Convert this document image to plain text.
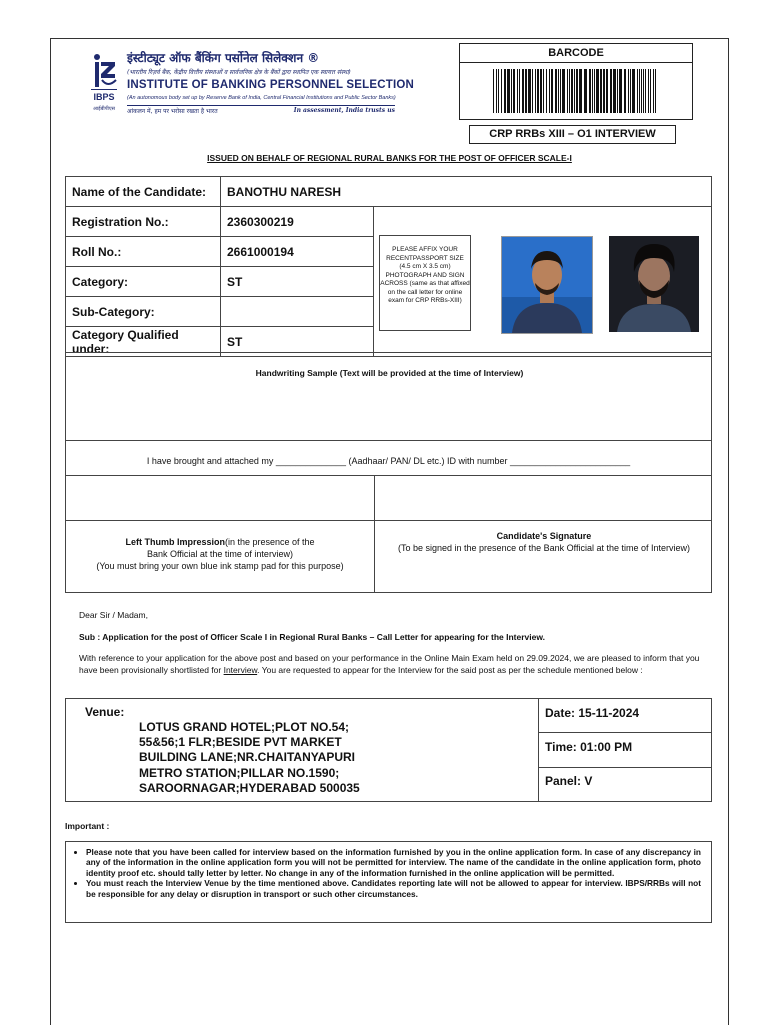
IBPS
आईबीपीएस
इंस्टीट्यूट ऑफ बैंकिंग पर्सोनेल सिलेक्शन ®
(भारतीय रिज़र्व बैंक, केंद्रीय वित्तीय संस्थाओं व सार्वजनिक क्षेत्र के बैंकों द्वारा स्थापित एक स्वायत्त संस्था)
INSTITUTE OF BANKING PERSONNEL SELECTION
(An autonomous body set up by Reserve Bank of India, Central Financial Institutions and Public Sector Banks)
आंकलन में, हम पर भरोसा रखता है भारत	In assessment, India trusts us
BARCODE
CRP RRBs XIII – O1 INTERVIEW
ISSUED ON BEHALF OF REGIONAL RURAL BANKS FOR THE POST OF OFFICER SCALE-I
Name of the Candidate:	BANOTHU NARESH	
Registration No.:	2360300219	
Roll No.:	2661000194	
Category:	ST	
Sub-Category:		
Category Qualified under:	ST	
PLEASE AFFIX YOUR RECENTPASSPORT SIZE (4.5 cm X 3.5 cm) PHOTOGRAPH AND SIGN ACROSS (same as that affixed on the call letter for online exam for CRP RRBs-XIII)
Handwriting Sample (Text will be provided at the time of Interview)
I have brought and attached my ______________ (Aadhaar/ PAN/ DL etc.) ID with number ________________________
Left Thumb Impression(in the presence of the
Bank Official at the time of interview)
(You must bring your own blue ink stamp pad for this purpose)
Candidate's Signature
(To be signed in the presence of the Bank Official at the time of Interview)
Dear Sir / Madam,
Sub : Application for the post of Officer Scale I in Regional Rural Banks – Call Letter for appearing for the Interview.
With reference to your application for the above post and based on your performance in the Online Main Exam held on 29.09.2024, we are pleased to inform that you have been provisionally shortlisted for Interview. You are requested to appear for the Interview for the said post as per the schedule mentioned below :
Venue:
LOTUS GRAND HOTEL;PLOT NO.54;
55&56;1 FLR;BESIDE PVT MARKET
BUILDING LANE;NR.CHAITANYAPURI
METRO STATION;PILLAR NO.1590;
SAROORNAGAR;HYDERABAD 500035
Date: 15-11-2024
Time: 01:00 PM
Panel: V
Important :
• Please note that you have been called for interview based on the information furnished by you in the online application form. In case of any discrepancy in any of the information in the online application form you will not be permitted for interview. The name of the candidate in the online application form, photo identity proof etc. should tally letter by letter. No change in any of the information furnished in the online application will be permitted.
• You must reach the Interview Venue by the time mentioned above. Candidates reporting late will not be allowed to appear for interview. IBPS/RRBs will not be responsible for any delay or disruption in transport or such other circumstances.
